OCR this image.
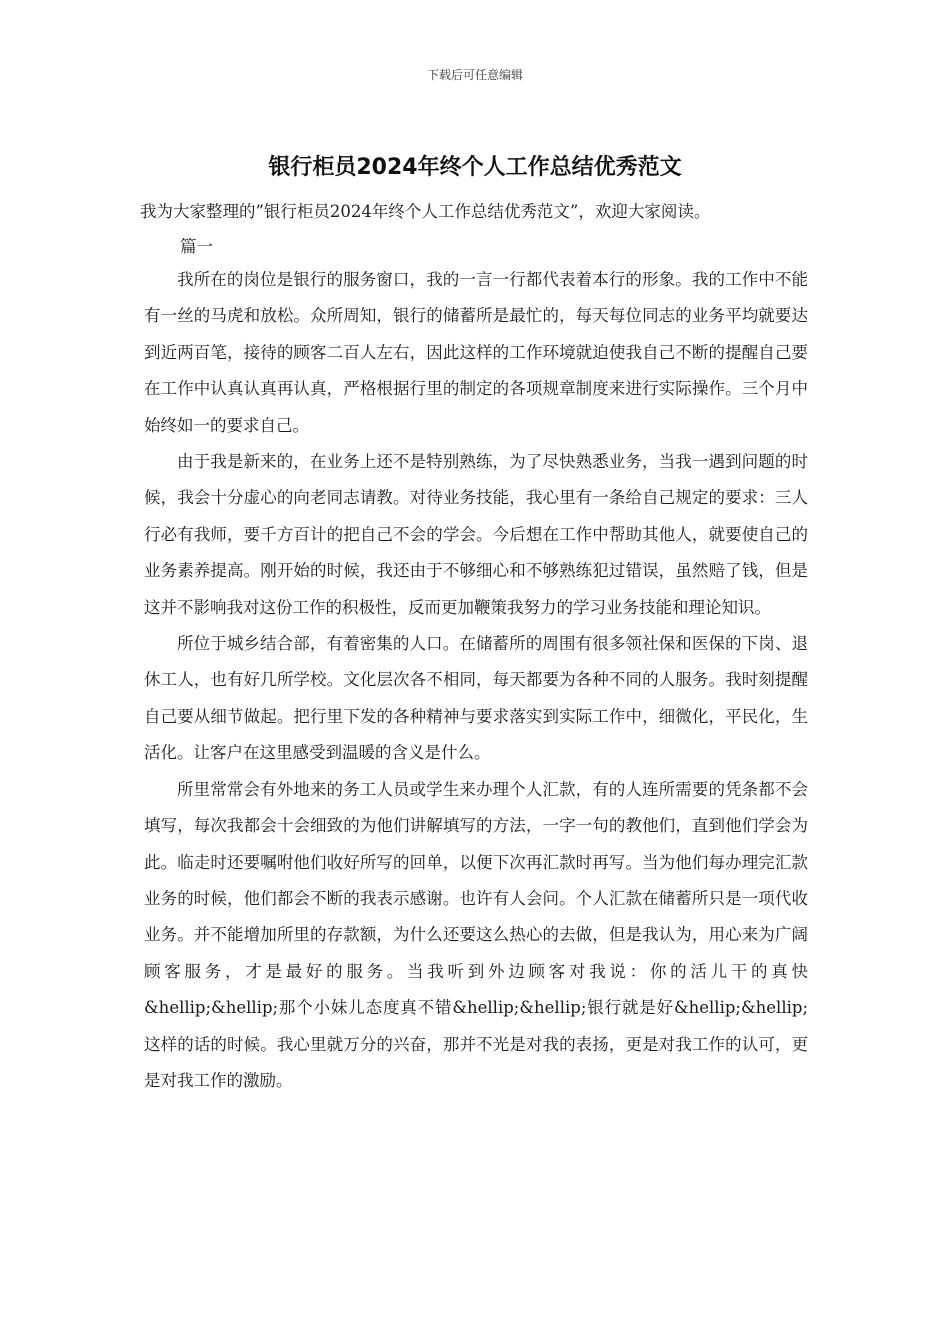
下载后可任意编辑
银行柜员2024年终个人工作总结优秀范文
我为大家整理的”银行柜员2024年终个人工作总结优秀范文”，欢迎大家阅读。
篇一

我所在的岗位是银行的服务窗口，我的一言一行都代表着本行的形象。我的工作中不能有一丝的马虎和放松。众所周知，银行的储蓄所是最忙的，每天每位同志的业务平均就要达到近两百笔，接待的顾客二百人左右，因此这样的工作环境就迫使我自己不断的提醒自己要在工作中认真认真再认真，严格根据行里的制定的各项规章制度来进行实际操作。三个月中始终如一的要求自己。

由于我是新来的，在业务上还不是特别熟练，为了尽快熟悉业务，当我一遇到问题的时候，我会十分虚心的向老同志请教。对待业务技能，我心里有一条给自己规定的要求：三人行必有我师，要千方百计的把自己不会的学会。今后想在工作中帮助其他人，就要使自己的业务素养提高。刚开始的时候，我还由于不够细心和不够熟练犯过错误，虽然赔了钱，但是这并不影响我对这份工作的积极性，反而更加鞭策我努力的学习业务技能和理论知识。

所位于城乡结合部，有着密集的人口。在储蓄所的周围有很多领社保和医保的下岗、退休工人，也有好几所学校。文化层次各不相同，每天都要为各种不同的人服务。我时刻提醒自己要从细节做起。把行里下发的各种精神与要求落实到实际工作中，细微化，平民化，生活化。让客户在这里感受到温暖的含义是什么。

所里常常会有外地来的务工人员或学生来办理个人汇款，有的人连所需要的凭条都不会填写，每次我都会十会细致的为他们讲解填写的方法，一字一句的教他们，直到他们学会为此。临走时还要嘱咐他们收好所写的回单，以便下次再汇款时再写。当为他们每办理完汇款业务的时候，他们都会不断的我表示感谢。也许有人会问。个人汇款在储蓄所只是一项代收业务。并不能增加所里的存款额，为什么还要这么热心的去做，但是我认为，用心来为广阔顾客服务，才是最好的服务。当我听到外边顾客对我说：你的活儿干的真快&hellip;&hellip;那个小妹儿态度真不错&hellip;&hellip;银行就是好&hellip;&hellip;这样的话的时候。我心里就万分的兴奋，那并不光是对我的表扬，更是对我工作的认可，更是对我工作的激励。
